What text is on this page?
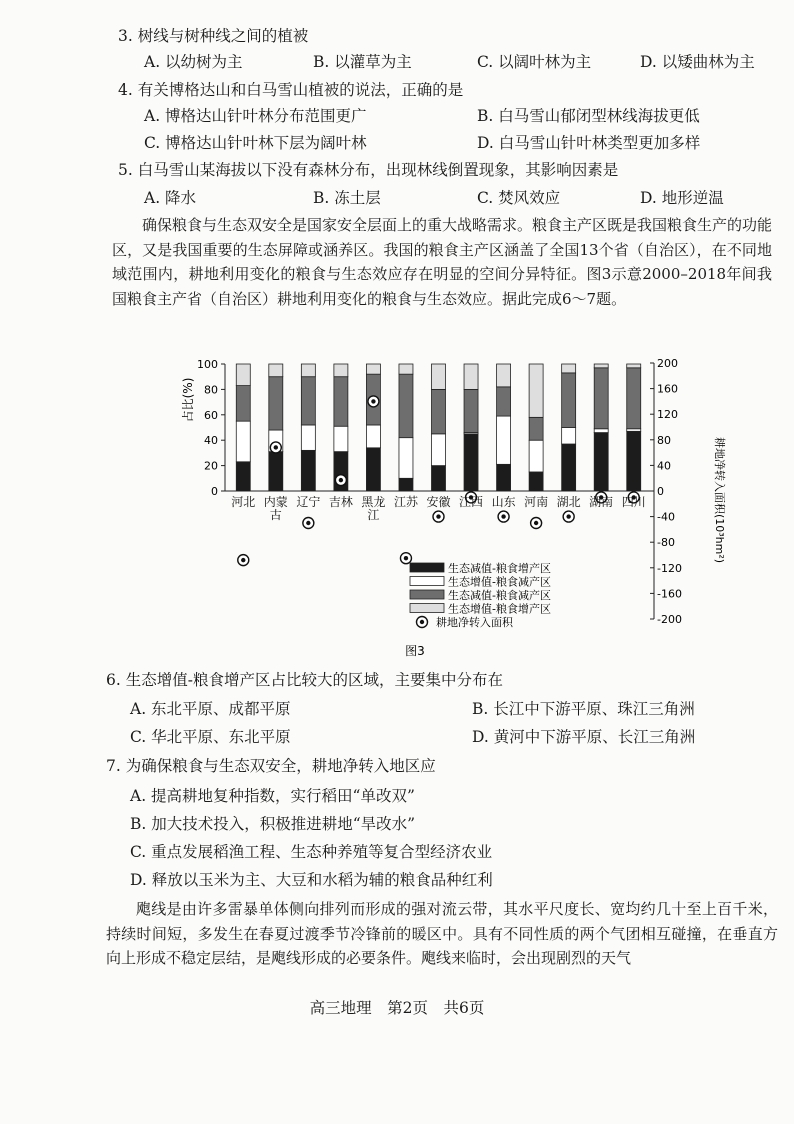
3. 树线与树种线之间的植被
A. 以幼树为主	B. 以灌草为主	C. 以阔叶林为主	D. 以矮曲林为主
4. 有关博格达山和白马雪山植被的说法，正确的是
A. 博格达山针叶林分布范围更广	B. 白马雪山郁闭型林线海拔更低
C. 博格达山针叶林下层为阔叶林	D. 白马雪山针叶林类型更加多样
5. 白马雪山某海拔以下没有森林分布，出现林线倒置现象，其影响因素是
A. 降水	B. 冻土层	C. 焚风效应	D. 地形逆温
确保粮食与生态双安全是国家安全层面上的重大战略需求。粮食主产区既是我国粮食生产的功能区，又是我国重要的生态屏障或涵养区。我国的粮食主产区涵盖了全国13个省（自治区），在不同地域范围内，耕地利用变化的粮食与生态效应存在明显的空间分异特征。图3示意2000–2018年间我国粮食主产省（自治区）耕地利用变化的粮食与生态效应。据此完成6～7题。
0
20
40
60
80
100	200
160
120
80
40
0
-40
-80
-120
-160
-200
河北 内蒙
古
辽宁 吉林 黑龙
江
江苏 安徽 江西 山东 河南 湖北 湖南 四川
生态减值-粮食增产区
生态增值-粮食减产区
生态减值-粮食减产区
生态增值-粮食增产区
耕地净转入面积
占比(%)
耕地净转入面积(10³hm²)
图3
6. 生态增值-粮食增产区占比较大的区域，主要集中分布在
A. 东北平原、成都平原	B. 长江中下游平原、珠江三角洲
C. 华北平原、东北平原	D. 黄河中下游平原、长江三角洲
7. 为确保粮食与生态双安全，耕地净转入地区应
A. 提高耕地复种指数，实行稻田“单改双”
B. 加大技术投入，积极推进耕地“旱改水”
C. 重点发展稻渔工程、生态种养殖等复合型经济农业
D. 释放以玉米为主、大豆和水稻为辅的粮食品种红利
飑线是由许多雷暴单体侧向排列而形成的强对流云带，其水平尺度长、宽均约几十至上百千米，持续时间短，多发生在春夏过渡季节冷锋前的暖区中。具有不同性质的两个气团相互碰撞，在垂直方向上形成不稳定层结，是飑线形成的必要条件。飑线来临时，会出现剧烈的天气
高三地理　第2页　共6页
